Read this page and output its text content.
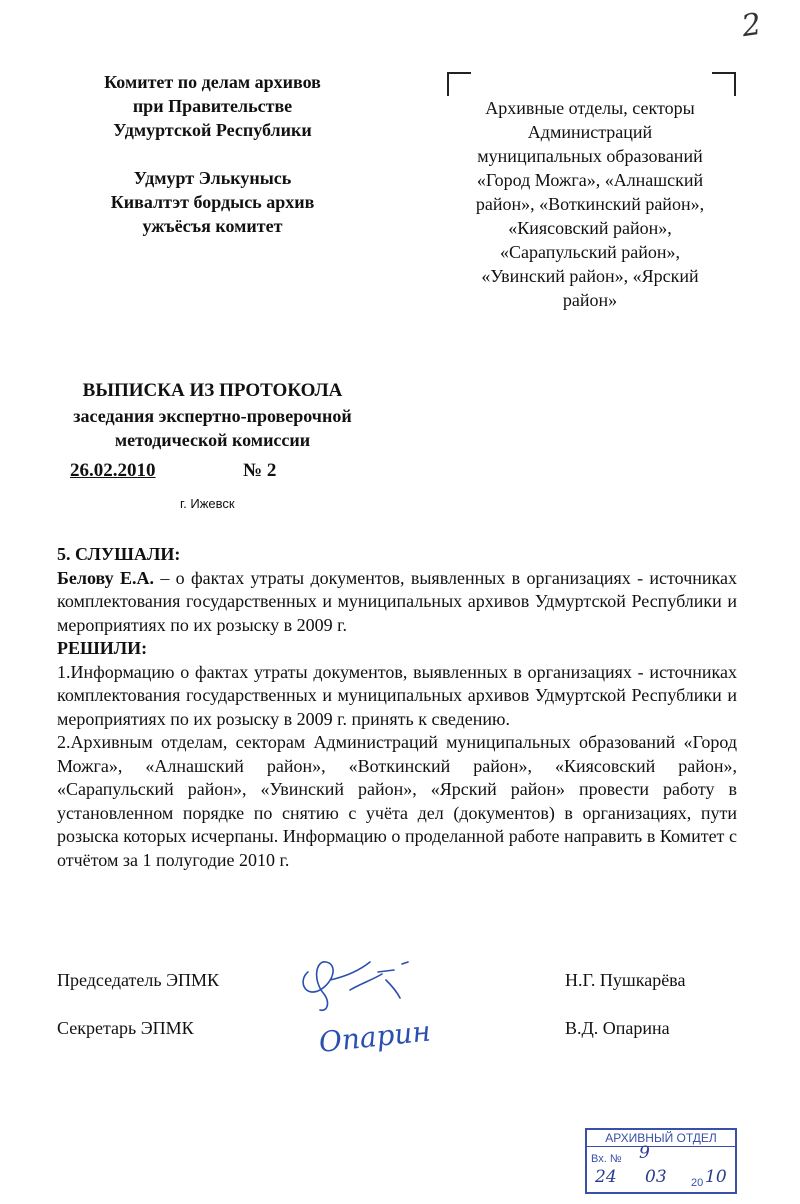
2
Комитет по делам архивов
при Правительстве
Удмуртской Республики
Удмурт Элькунысь
Кивалтэт бордысь архив
ужъёсъя комитет
Архивные отделы, секторы
Администраций
муниципальных образований
«Город Можга», «Алнашский
район», «Воткинский район»,
«Киясовский район»,
«Сарапульский район»,
«Увинский район», «Ярский
район»
ВЫПИСКА ИЗ ПРОТОКОЛА
заседания экспертно-проверочной
методической комиссии
26.02.2010	№ 2
г. Ижевск

5. СЛУШАЛИ:

Белову Е.А. – о фактах утраты документов, выявленных в организациях - источниках комплектования государственных и муниципальных архивов Удмуртской Республики и мероприятиях по их розыску в 2009 г.

РЕШИЛИ:

1.Информацию о фактах утраты документов, выявленных в организациях - источниках комплектования государственных и муниципальных архивов Удмуртской Республики и мероприятиях по их розыску в 2009 г. принять к сведению.

2.Архивным отделам, секторам Администраций муниципальных образований «Город Можга», «Алнашский район», «Воткинский район», «Киясовский район», «Сарапульский район», «Увинский район», «Ярский район» провести работу в установленном порядке по снятию с учёта дел (документов) в организациях, пути розыска которых исчерпаны. Информацию о проделанной работе направить в Комитет с отчётом за 1 полугодие 2010 г.

Председатель ЭПМК	Н.Г. Пушкарёва
Секретарь ЭПМК	В.Д. Опарина
Опарин
АРХИВНЫЙ ОТДЕЛ
Вх. № 9
24 03 20 10
